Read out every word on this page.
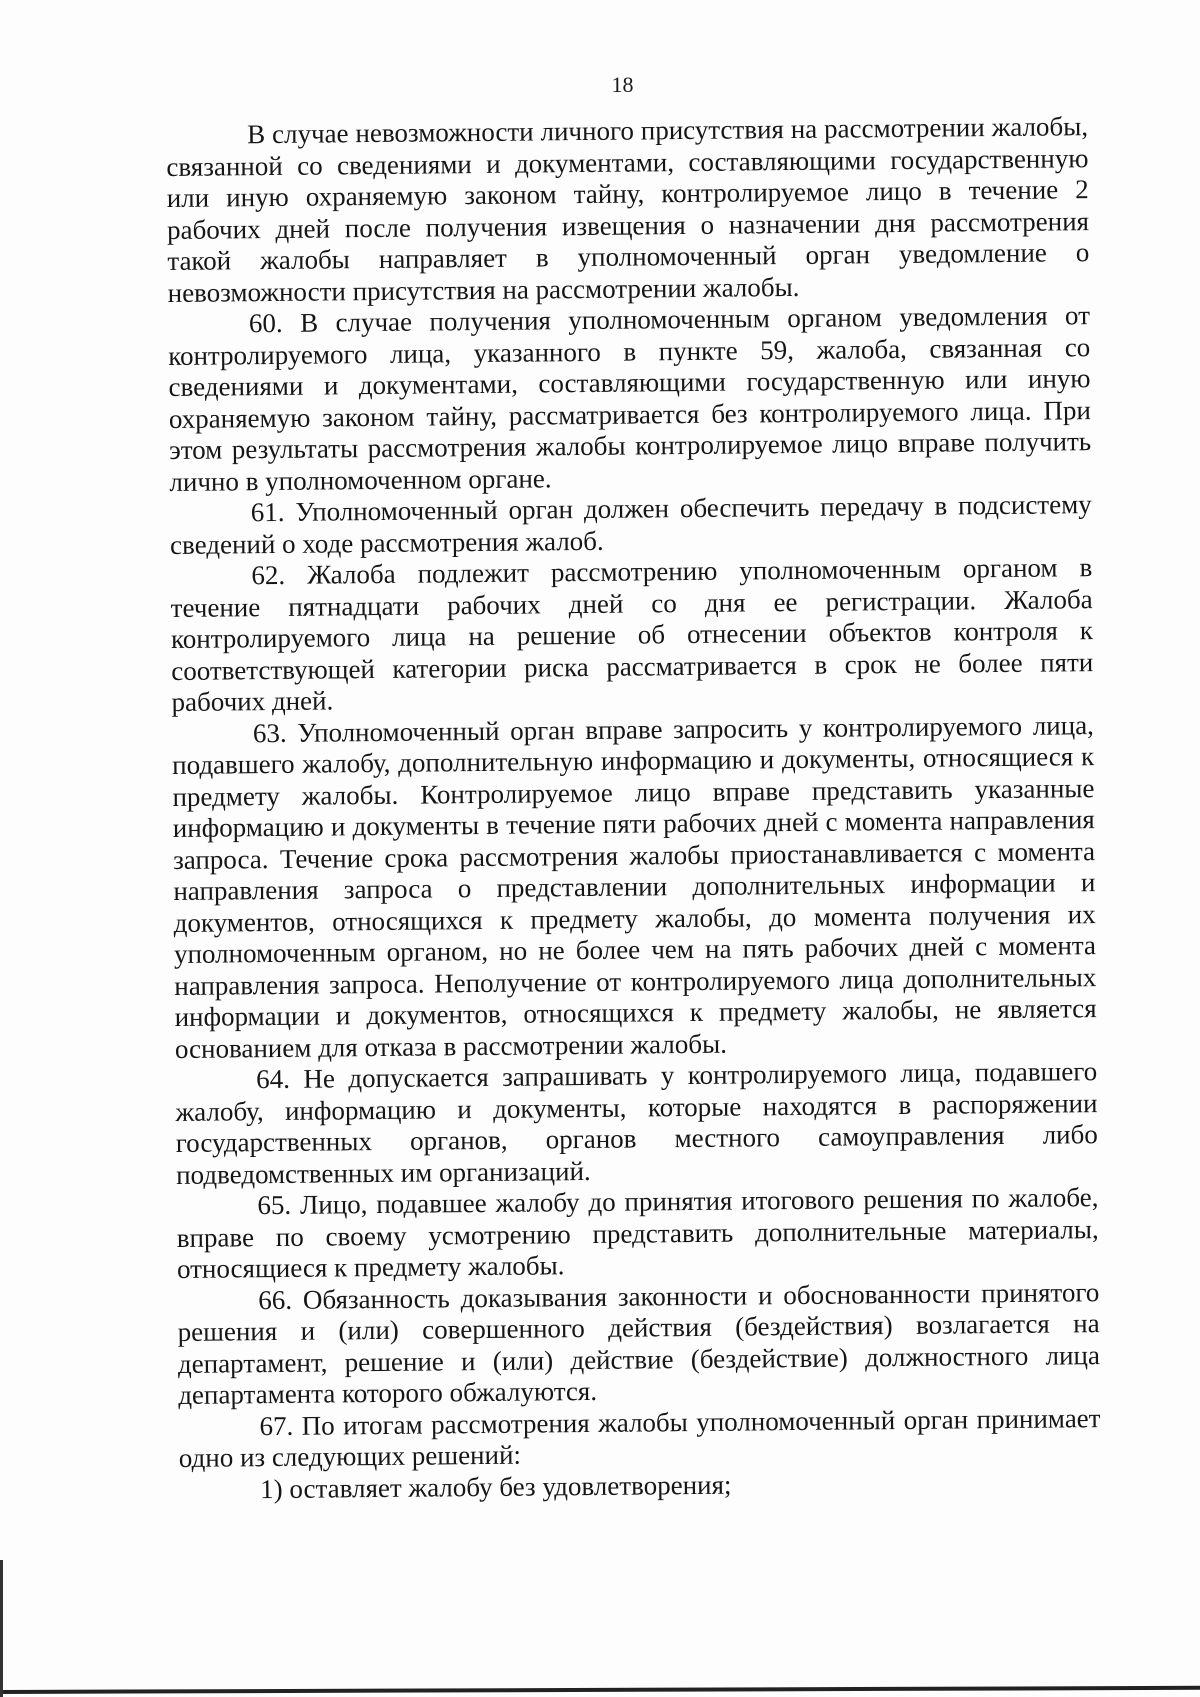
18

В случае невозможности личного присутствия на рассмотрении жалобы, связанной со сведениями и документами, составляющими государственную или иную охраняемую законом тайну, контролируемое лицо в течение 2 рабочих дней после получения извещения о назначении дня рассмотрения такой жалобы направляет в уполномоченный орган уведомление о невозможности присутствия на рассмотрении жалобы.

60. В случае получения уполномоченным органом уведомления от контролируемого лица, указанного в пункте 59, жалоба, связанная со сведениями и документами, составляющими государственную или иную охраняемую законом тайну, рассматривается без контролируемого лица. При этом результаты рассмотрения жалобы контролируемое лицо вправе получить лично в уполномоченном органе.

61. Уполномоченный орган должен обеспечить передачу в подсистему сведений о ходе рассмотрения жалоб.

62. Жалоба подлежит рассмотрению уполномоченным органом в течение пятнадцати рабочих дней со дня ее регистрации. Жалоба контролируемого лица на решение об отнесении объектов контроля к соответствующей категории риска рассматривается в срок не более пяти рабочих дней.

63. Уполномоченный орган вправе запросить у контролируемого лица, подавшего жалобу, дополнительную информацию и документы, относящиеся к предмету жалобы. Контролируемое лицо вправе представить указанные информацию и документы в течение пяти рабочих дней с момента направления запроса. Течение срока рассмотрения жалобы приостанавливается с момента направления запроса о представлении дополнительных информации и документов, относящихся к предмету жалобы, до момента получения их уполномоченным органом, но не более чем на пять рабочих дней с момента направления запроса. Неполучение от контролируемого лица дополнительных информации и документов, относящихся к предмету жалобы, не является основанием для отказа в рассмотрении жалобы.

64. Не допускается запрашивать у контролируемого лица, подавшего жалобу, информацию и документы, которые находятся в распоряжении государственных органов, органов местного самоуправления либо подведомственных им организаций.

65. Лицо, подавшее жалобу до принятия итогового решения по жалобе, вправе по своему усмотрению представить дополнительные материалы, относящиеся к предмету жалобы.

66. Обязанность доказывания законности и обоснованности принятого решения и (или) совершенного действия (бездействия) возлагается на департамент, решение и (или) действие (бездействие) должностного лица департамента которого обжалуются.

67. По итогам рассмотрения жалобы уполномоченный орган принимает одно из следующих решений:

1) оставляет жалобу без удовлетворения;
